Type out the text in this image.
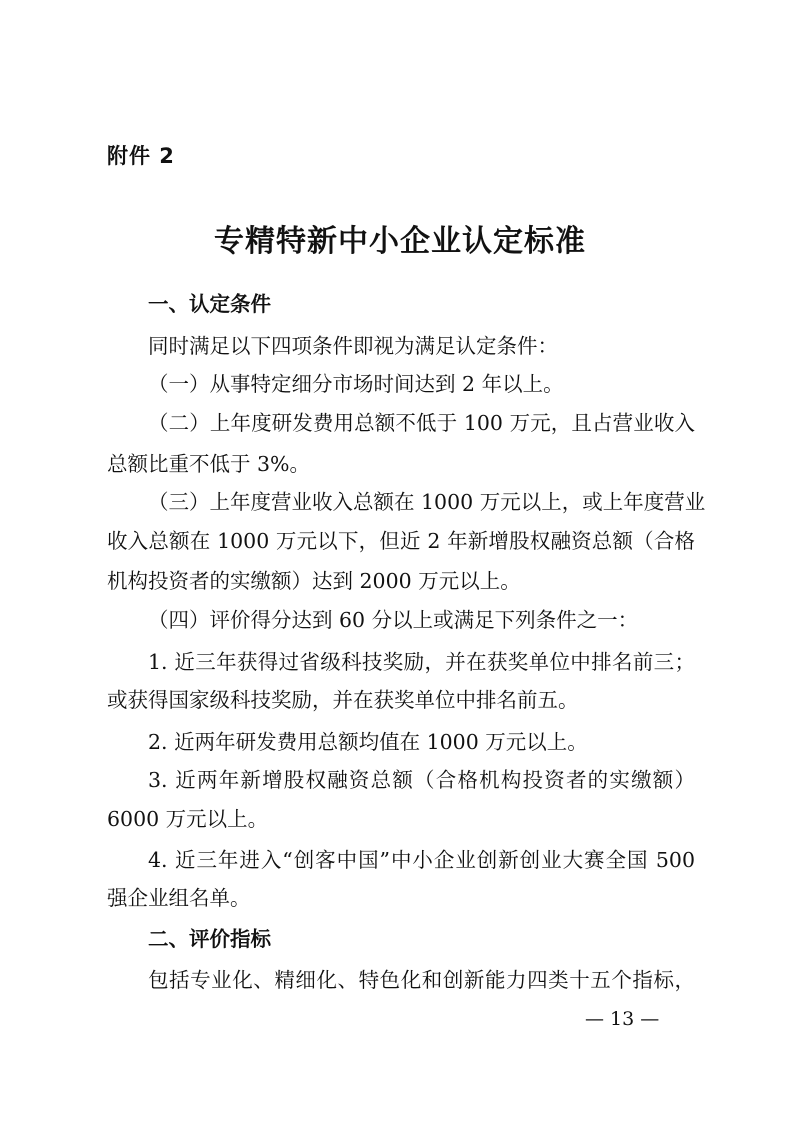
附件 2
专精特新中小企业认定标准
一、认定条件
同时满足以下四项条件即视为满足认定条件：
（一）从事特定细分市场时间达到 2 年以上。
（二）上年度研发费用总额不低于 100 万元，且占营业收入
总额比重不低于 3%。
（三）上年度营业收入总额在 1000 万元以上，或上年度营业
收入总额在 1000 万元以下，但近 2 年新增股权融资总额（合格
机构投资者的实缴额）达到 2000 万元以上。
（四）评价得分达到 60 分以上或满足下列条件之一：
1. 近三年获得过省级科技奖励，并在获奖单位中排名前三；
或获得国家级科技奖励，并在获奖单位中排名前五。
2. 近两年研发费用总额均值在 1000 万元以上。
3. 近两年新增股权融资总额（合格机构投资者的实缴额）
6000 万元以上。
4. 近三年进入“创客中国”中小企业创新创业大赛全国 500
强企业组名单。
二、评价指标
包括专业化、精细化、特色化和创新能力四类十五个指标，
— 13 —
